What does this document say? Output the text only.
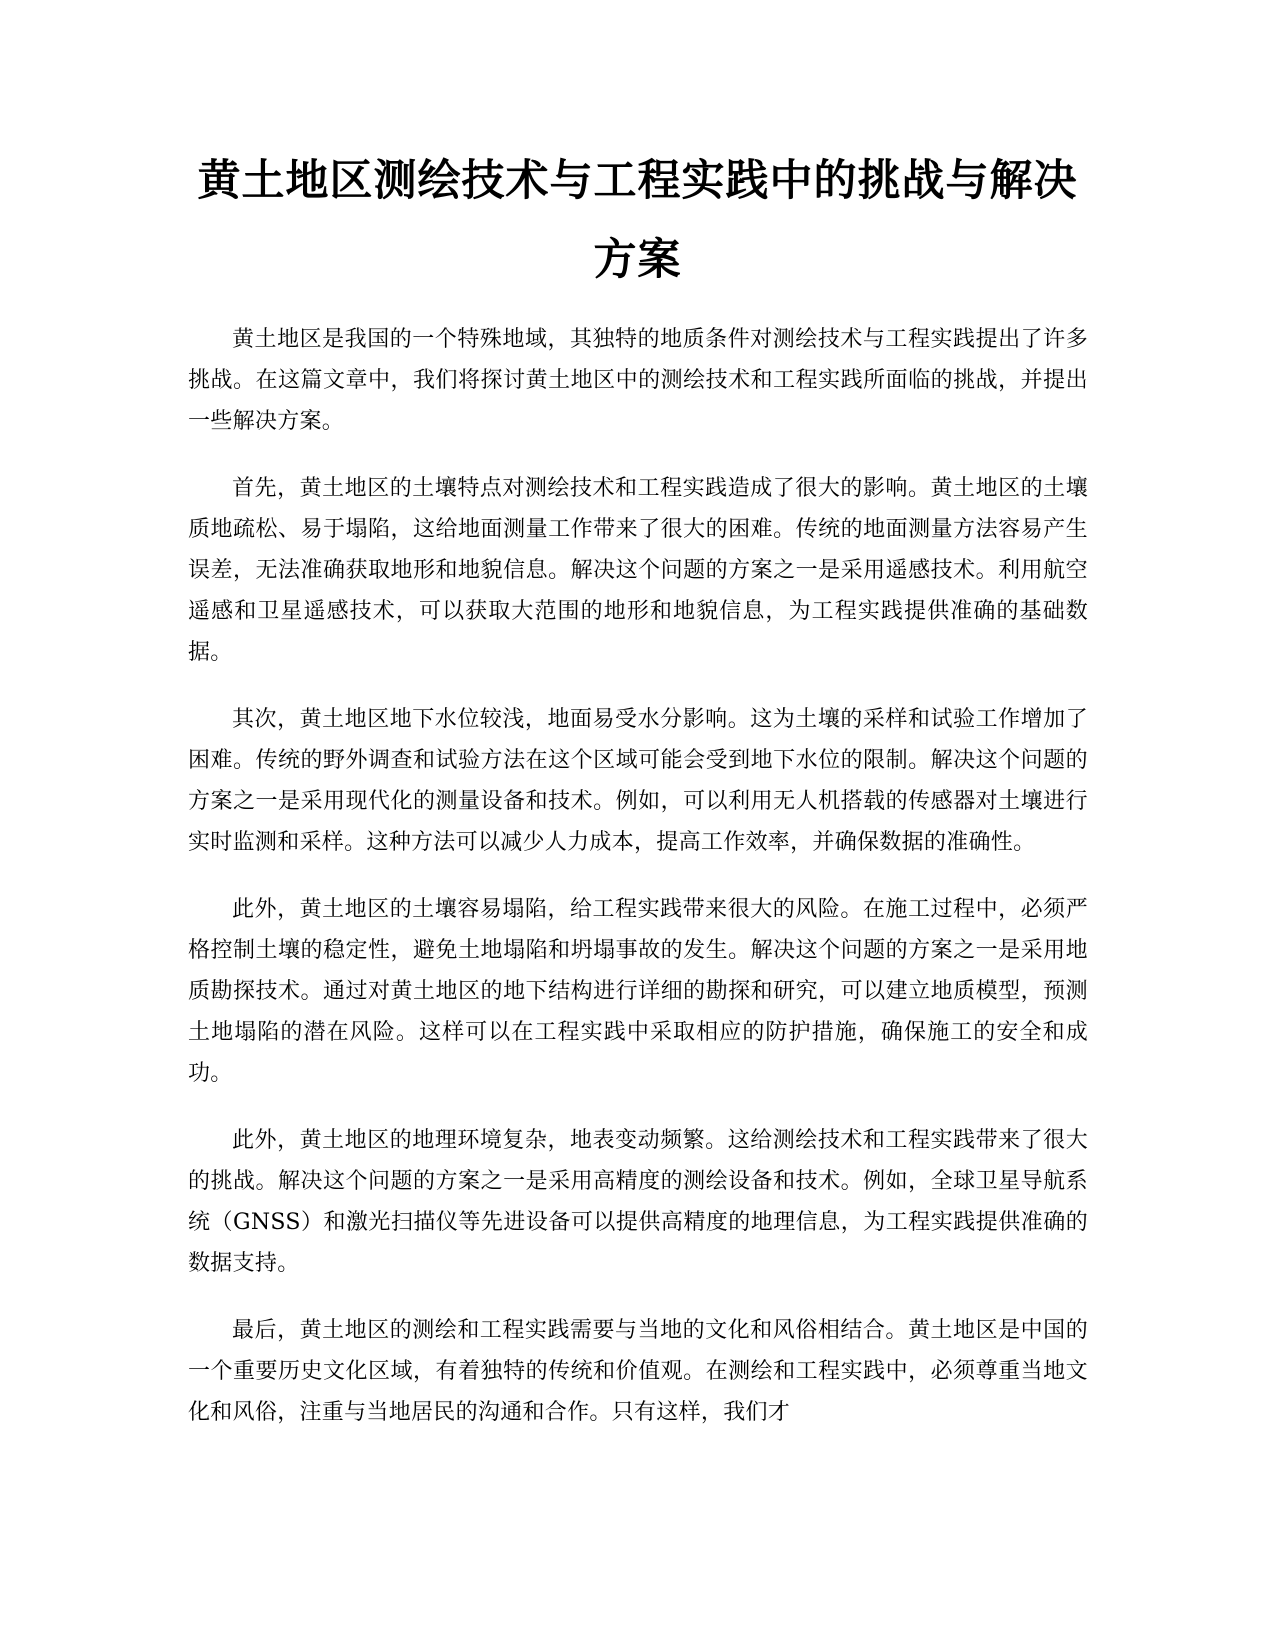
黄土地区测绘技术与工程实践中的挑战与解决方案

黄土地区是我国的一个特殊地域，其独特的地质条件对测绘技术与工程实践提出了许多挑战。在这篇文章中，我们将探讨黄土地区中的测绘技术和工程实践所面临的挑战，并提出一些解决方案。

首先，黄土地区的土壤特点对测绘技术和工程实践造成了很大的影响。黄土地区的土壤质地疏松、易于塌陷，这给地面测量工作带来了很大的困难。传统的地面测量方法容易产生误差，无法准确获取地形和地貌信息。解决这个问题的方案之一是采用遥感技术。利用航空遥感和卫星遥感技术，可以获取大范围的地形和地貌信息，为工程实践提供准确的基础数据。

其次，黄土地区地下水位较浅，地面易受水分影响。这为土壤的采样和试验工作增加了困难。传统的野外调查和试验方法在这个区域可能会受到地下水位的限制。解决这个问题的方案之一是采用现代化的测量设备和技术。例如，可以利用无人机搭载的传感器对土壤进行实时监测和采样。这种方法可以减少人力成本，提高工作效率，并确保数据的准确性。

此外，黄土地区的土壤容易塌陷，给工程实践带来很大的风险。在施工过程中，必须严格控制土壤的稳定性，避免土地塌陷和坍塌事故的发生。解决这个问题的方案之一是采用地质勘探技术。通过对黄土地区的地下结构进行详细的勘探和研究，可以建立地质模型，预测土地塌陷的潜在风险。这样可以在工程实践中采取相应的防护措施，确保施工的安全和成功。

此外，黄土地区的地理环境复杂，地表变动频繁。这给测绘技术和工程实践带来了很大的挑战。解决这个问题的方案之一是采用高精度的测绘设备和技术。例如，全球卫星导航系统（GNSS）和激光扫描仪等先进设备可以提供高精度的地理信息，为工程实践提供准确的数据支持。

最后，黄土地区的测绘和工程实践需要与当地的文化和风俗相结合。黄土地区是中国的一个重要历史文化区域，有着独特的传统和价值观。在测绘和工程实践中，必须尊重当地文化和风俗，注重与当地居民的沟通和合作。只有这样，我们才
